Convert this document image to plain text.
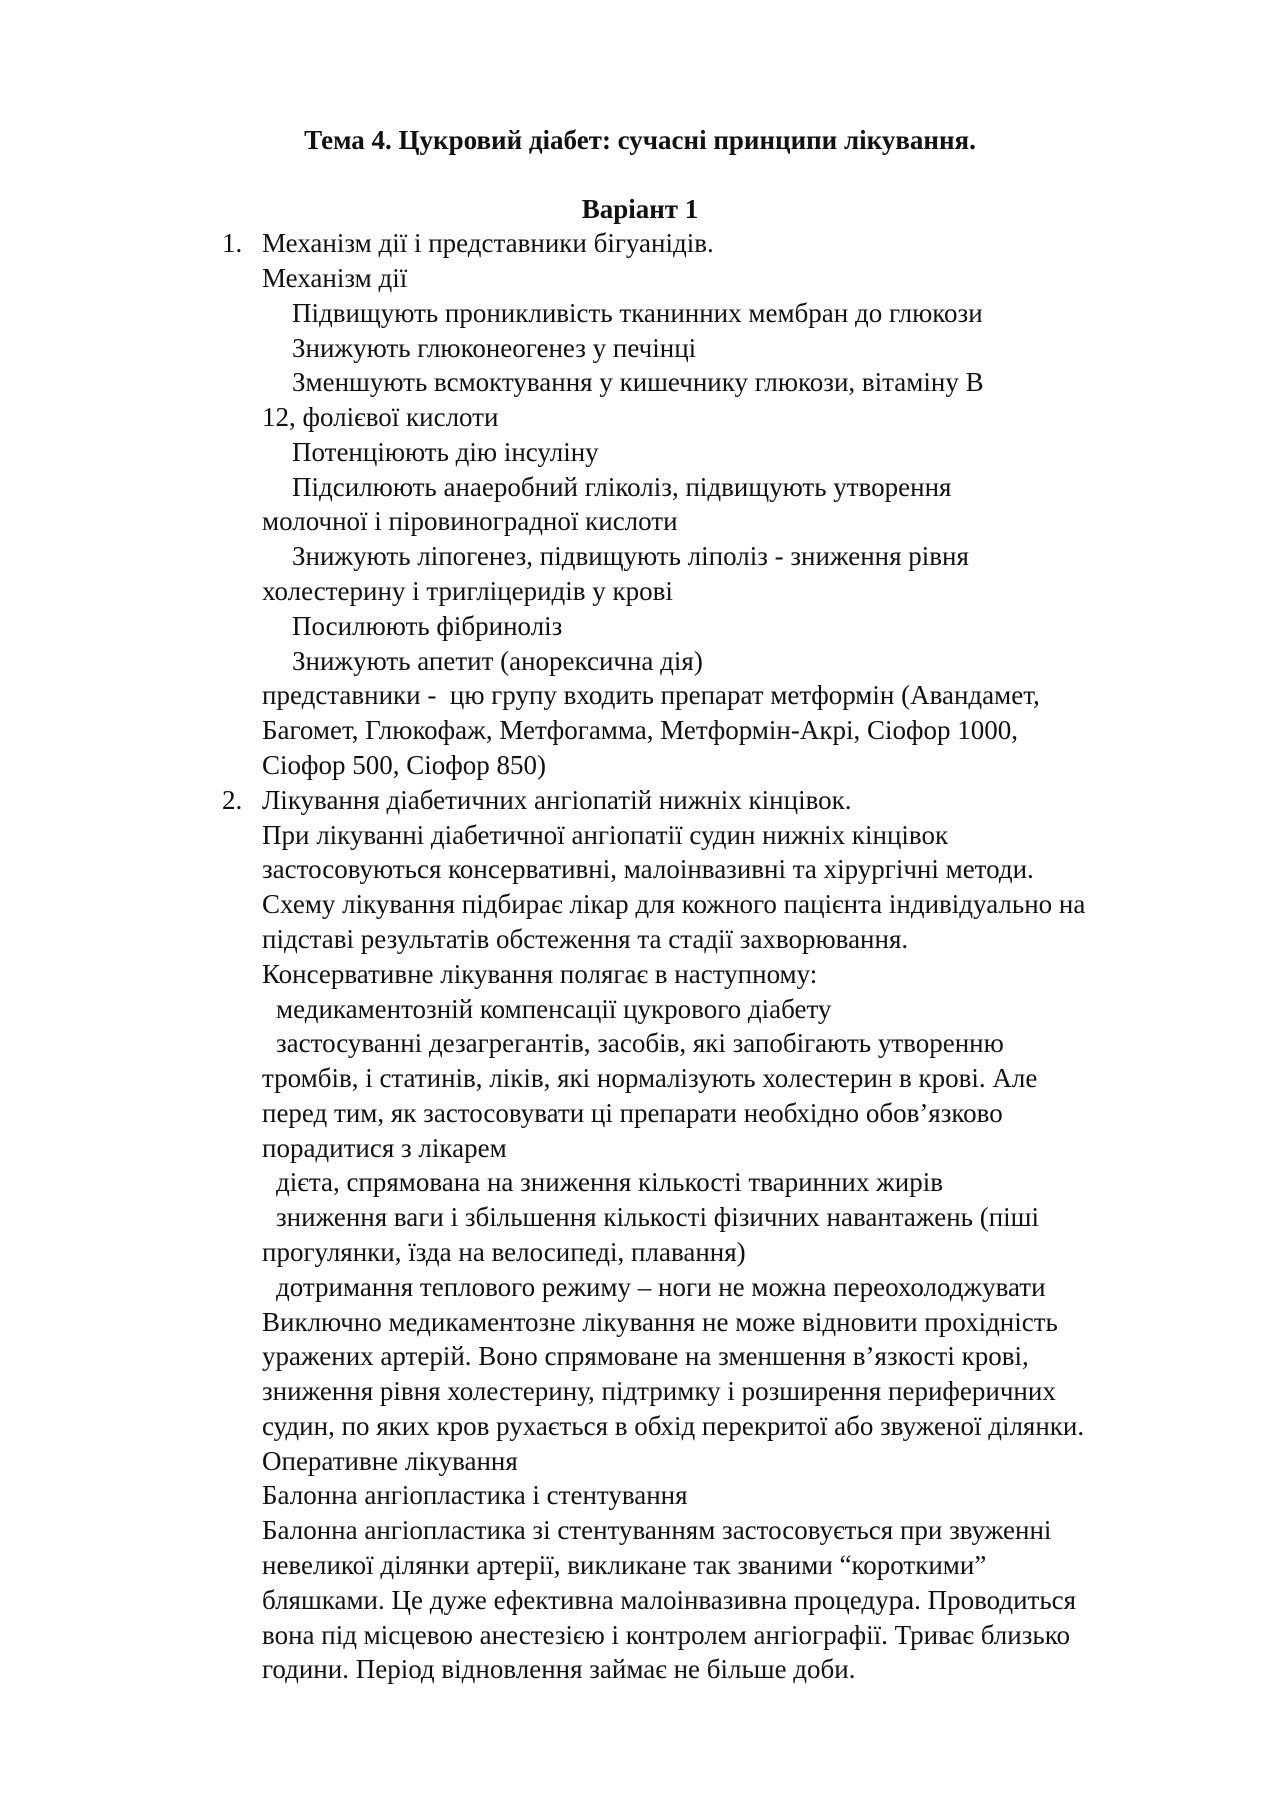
Тема 4. Цукровий діабет: сучасні принципи лікування.
Варіант 1
1. Механізм дії і представники бігуанідів.
Механізм дії
Підвищують проникливість тканинних мембран до глюкози
Знижують глюконеогенез у печінці
Зменшують всмоктування у кишечнику глюкози, вітаміну В
12, фолієвої кислоти
Потенціюють дію інсуліну
Підсилюють анаеробний гліколіз, підвищують утворення
молочної і піровиноградної кислоти
Знижують ліпогенез, підвищують ліполіз - зниження рівня
холестерину і тригліцеридів у крові
Посилюють фібриноліз
Знижують апетит (анорексична дія)
представники -  цю групу входить препарат метформін (Авандамет,
Багомет, Глюкофаж, Метфогамма, Метформін-Акрі, Сіофор 1000,
Сіофор 500, Сіофор 850)
2. Лікування діабетичних ангіопатій нижніх кінцівок.
При лікуванні діабетичної ангіопатії судин нижніх кінцівок
застосовуються консервативні, малоінвазивні та хірургічні методи.
Схему лікування підбирає лікар для кожного пацієнта індивідуально на
підставі результатів обстеження та стадії захворювання.
Консервативне лікування полягає в наступному:
медикаментозній компенсації цукрового діабету
застосуванні дезагрегантів, засобів, які запобігають утворенню
тромбів, і статинів, ліків, які нормалізують холестерин в крові. Але
перед тим, як застосовувати ці препарати необхідно обов’язково
порадитися з лікарем
дієта, спрямована на зниження кількості тваринних жирів
зниження ваги і збільшення кількості фізичних навантажень (піші
прогулянки, їзда на велосипеді, плавання)
дотримання теплового режиму – ноги не можна переохолоджувати
Виключно медикаментозне лікування не може відновити прохідність
уражених артерій. Воно спрямоване на зменшення в’язкості крові,
зниження рівня холестерину, підтримку і розширення периферичних
судин, по яких кров рухається в обхід перекритої або звуженої ділянки.
Оперативне лікування
Балонна ангіопластика і стентування
Балонна ангіопластика зі стентуванням застосовується при звуженні
невеликої ділянки артерії, викликане так званими “короткими”
бляшками. Це дуже ефективна малоінвазивна процедура. Проводиться
вона під місцевою анестезією і контролем ангіографії. Триває близько
години. Період відновлення займає не більше доби.
